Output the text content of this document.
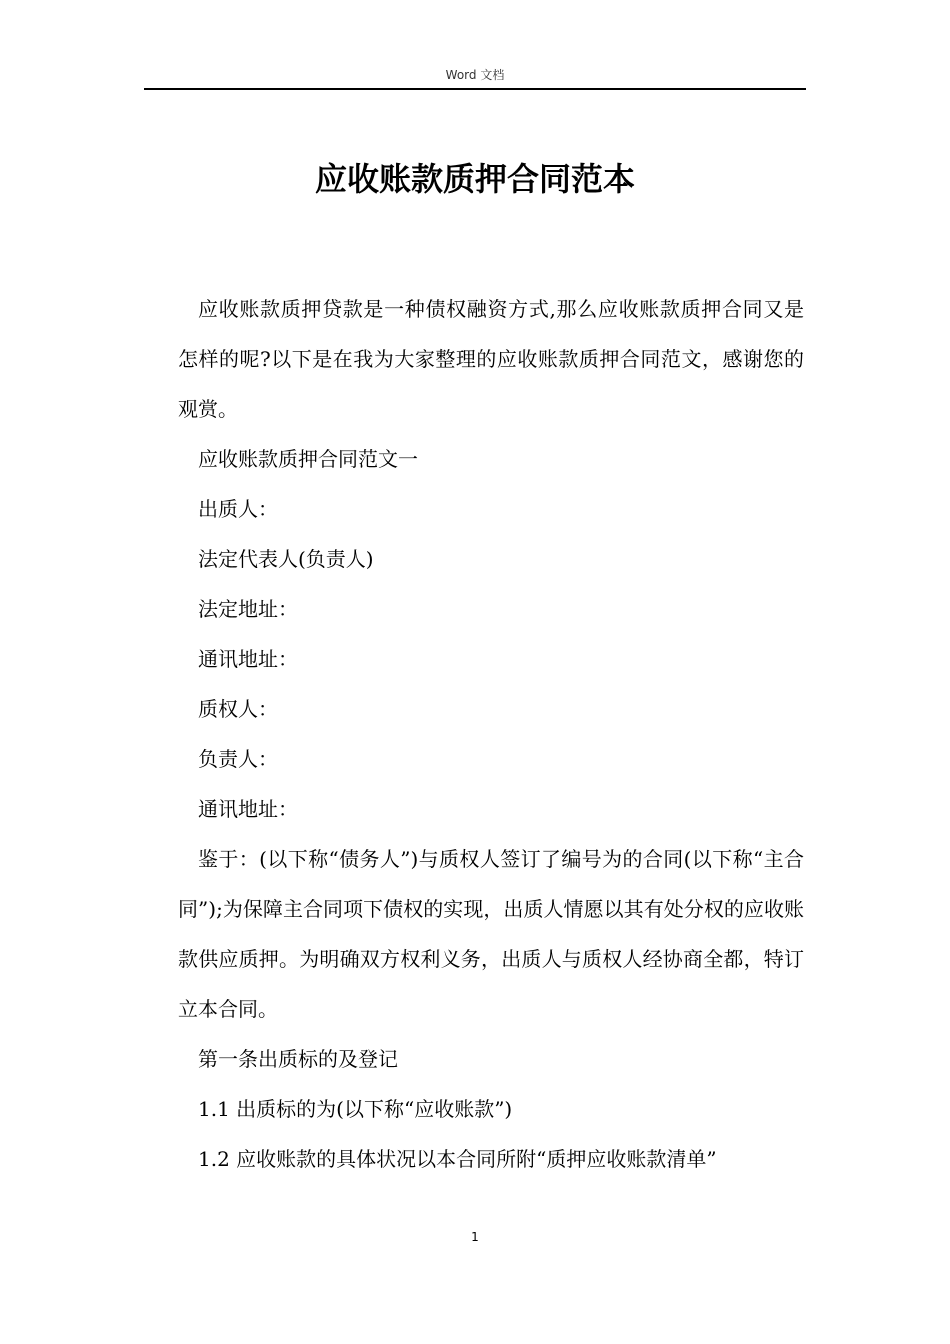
Word 文档
应收账款质押合同范本

应收账款质押贷款是一种债权融资方式,那么应收账款质押合同又是怎样的呢?以下是在我为大家整理的应收账款质押合同范文，感谢您的观赏。

应收账款质押合同范文一

出质人：

法定代表人(负责人)

法定地址：

通讯地址：

质权人：

负责人：

通讯地址：

鉴于：(以下称“债务人”)与质权人签订了编号为的合同(以下称“主合同”);为保障主合同项下债权的实现，出质人情愿以其有处分权的应收账款供应质押。为明确双方权利义务，出质人与质权人经协商全都，特订立本合同。

第一条出质标的及登记

1.1 出质标的为(以下称“应收账款”)

1.2 应收账款的具体状况以本合同所附“质押应收账款清单”

1
